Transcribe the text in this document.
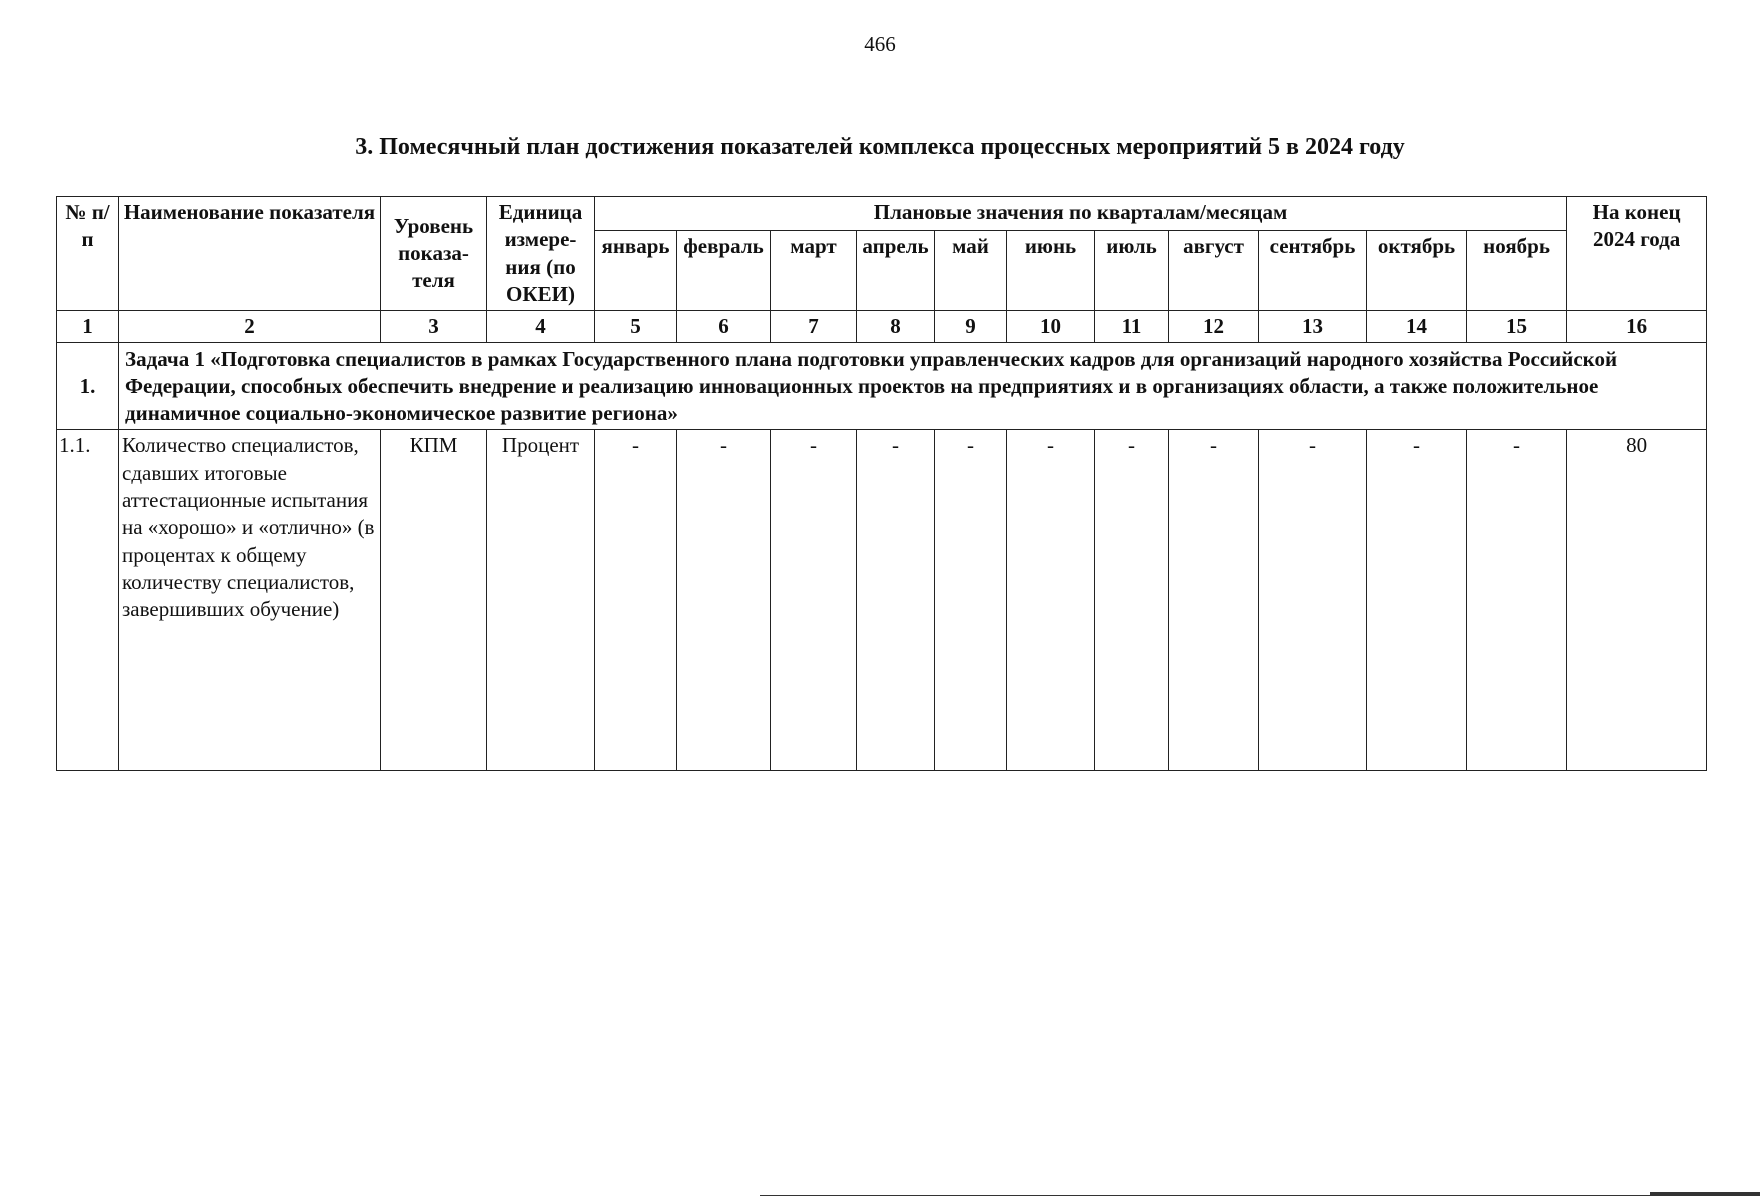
466
3. Помесячный план достижения показателей комплекса процессных мероприятий 5 в 2024 году
№ п/п	Наименование показателя	Уровень показа-теля	Единица измере-ния (по ОКЕИ)	Плановые значения по кварталам/месяцам											На конец 2024 года
				январь	февраль	март	апрель	май	июнь	июль	август	сентябрь	октябрь	ноябрь	
1	2	3	4	5	6	7	8	9	10	11	12	13	14	15	16
1.	Задача 1 «Подготовка специалистов в рамках Государственного плана подготовки управленческих кадров для организаций народного хозяйства Российской Федерации, способных обеспечить внедрение и реализацию инновационных проектов на предприятиях и в организациях области, а также положительное динамичное социально-экономическое развитие региона»														
1.1.	Количество специалистов, сдавших итоговые аттестационные испытания на «хорошо» и «отлично» (в процентах к общему количеству специалистов, завершивших обучение)	КПМ	Процент	-	-	-	-	-	-	-	-	-	-	-	80
